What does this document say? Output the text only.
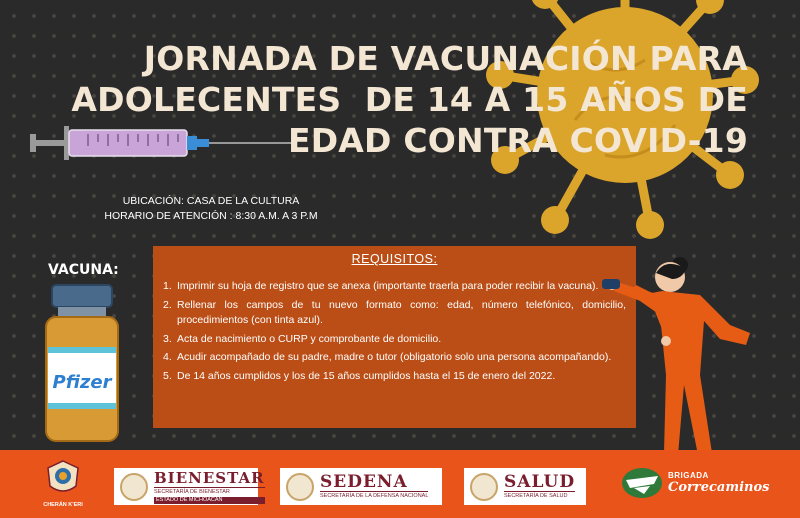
JORNADA DE VACUNACIÓN PARA
ADOLECENTES  DE 14 A 15 AÑOS DE
EDAD CONTRA COVID-19
UBICACIÓN: CASA DE LA CULTURA
HORARIO DE ATENCIÓN : 8:30 A.M. A 3 P.M
VACUNA:
Pfizer
REQUISITOS:
1. Imprimir su hoja de registro que se anexa (importante traerla para poder recibir la vacuna).
2. Rellenar los campos de tu nuevo formato como: edad, número telefónico, domicilio, procedimientos (con tinta azul).
3. Acta de nacimiento o CURP y comprobante de domicilio.
4. Acudir acompañado de su padre, madre o tutor (obligatorio solo una persona acompañando).
5. De 14 años cumplidos y los de 15 años cumplidos hasta el 15 de enero del 2022.
CHERÁN K'ERI
BIENESTAR
SECRETARÍA DE BIENESTAR
ESTADO DE MICHOACÁN
SEDENA
SECRETARÍA DE LA DEFENSA NACIONAL
SALUD
SECRETARÍA DE SALUD
BRIGADA
Correcaminos
